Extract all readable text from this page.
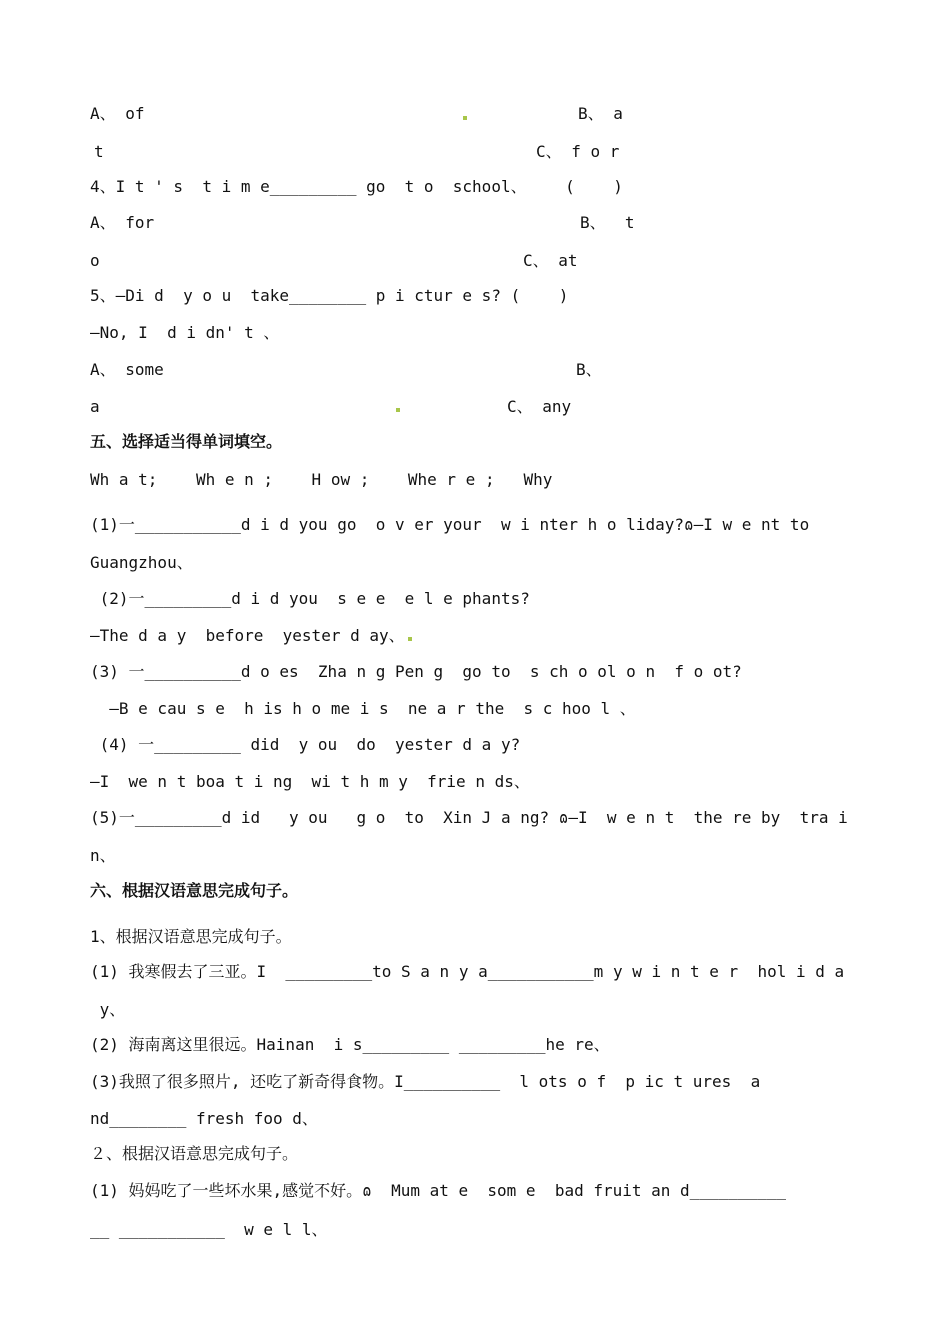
A、 of	B、 a
t	C、 f o r
4、I t ' s  t i m e_________ go  t o  school、    (    )
A、 for	B、  t
o	C、 at
5、—Di d  y o u  take________ p i ctur e s? (    )
—No, I  d i dn' t 、
A、 some	B、
a	C、 any
五、选择适当得单词填空。
Wh a t;    Wh e n ;    H ow ;    Whe r e ;   Why
(1)一___________d i d you go  o v er your  w i nter h o liday?ɷ—I w e nt to
Guangzhou、
(2)一_________d i d you  s e e  e l e phants?
—The d a y  before  yester d ay、
(3) 一__________d o es  Zha n g Pen g  go to  s ch o ol o n  f o ot?
—B e cau s e  h is h o me i s  ne a r the  s c hoo l 、
(4) 一_________ did  y ou  do  yester d a y?
—I  we n t boa t i ng  wi t h m y  frie n ds、
(5)一_________d id   y ou   g o  to  Xin J a ng? ɷ—I  w e n t  the re by  tra i
n、
六、根据汉语意思完成句子。
1、根据汉语意思完成句子。
(1) 我寒假去了三亚。I  _________to S a n y a___________m y w i n t e r  hol i d a
y、
(2) 海南离这里很远。Hainan  i s_________ _________he re、
(3)我照了很多照片, 还吃了新奇得食物。I__________  l ots o f  p ic t ures  a
nd________ fresh foo d、
２、根据汉语意思完成句子。
(1) 妈妈吃了一些坏水果,感觉不好。ɷ  Mum at e  som e  bad fruit an d__________
__ ___________  w e l l、
